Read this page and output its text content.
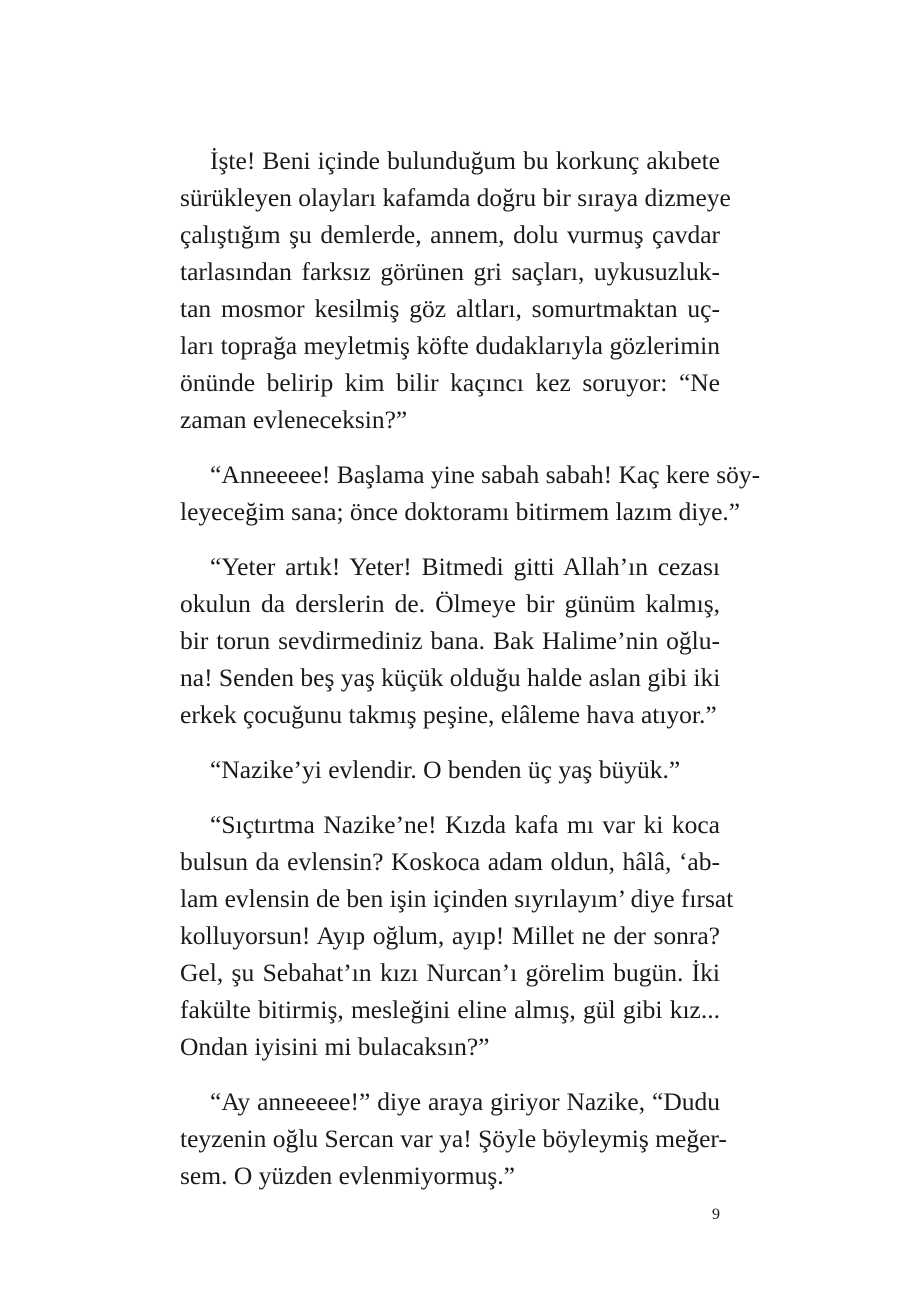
İşte! Beni içinde bulunduğum bu korkunç akıbete
sürükleyen olayları kafamda doğru bir sıraya dizmeye
çalıştığım şu demlerde, annem, dolu vurmuş çavdar
tarlasından farksız görünen gri saçları, uykusuzluk-
tan mosmor kesilmiş göz altları, somurtmaktan uç-
ları toprağa meyletmiş köfte dudaklarıyla gözlerimin
önünde belirip kim bilir kaçıncı kez soruyor: “Ne
zaman evleneceksin?”
“Anneeeee! Başlama yine sabah sabah! Kaç kere söy-
leyeceğim sana; önce doktoramı bitirmem lazım diye.”
“Yeter artık! Yeter! Bitmedi gitti Allah’ın cezası
okulun da derslerin de. Ölmeye bir günüm kalmış,
bir torun sevdirmediniz bana. Bak Halime’nin oğlu-
na! Senden beş yaş küçük olduğu halde aslan gibi iki
erkek çocuğunu takmış peşine, elâleme hava atıyor.”
“Nazike’yi evlendir. O benden üç yaş büyük.”
“Sıçtırtma Nazike’ne! Kızda kafa mı var ki koca
bulsun da evlensin? Koskoca adam oldun, hâlâ, ‘ab-
lam evlensin de ben işin içinden sıyrılayım’ diye fırsat
kolluyorsun! Ayıp oğlum, ayıp! Millet ne der sonra?
Gel, şu Sebahat’ın kızı Nurcan’ı görelim bugün. İki
fakülte bitirmiş, mesleğini eline almış, gül gibi kız...
Ondan iyisini mi bulacaksın?”
“Ay anneeeee!” diye araya giriyor Nazike, “Dudu
teyzenin oğlu Sercan var ya! Şöyle böyleymiş meğer-
sem. O yüzden evlenmiyormuş.”
9
